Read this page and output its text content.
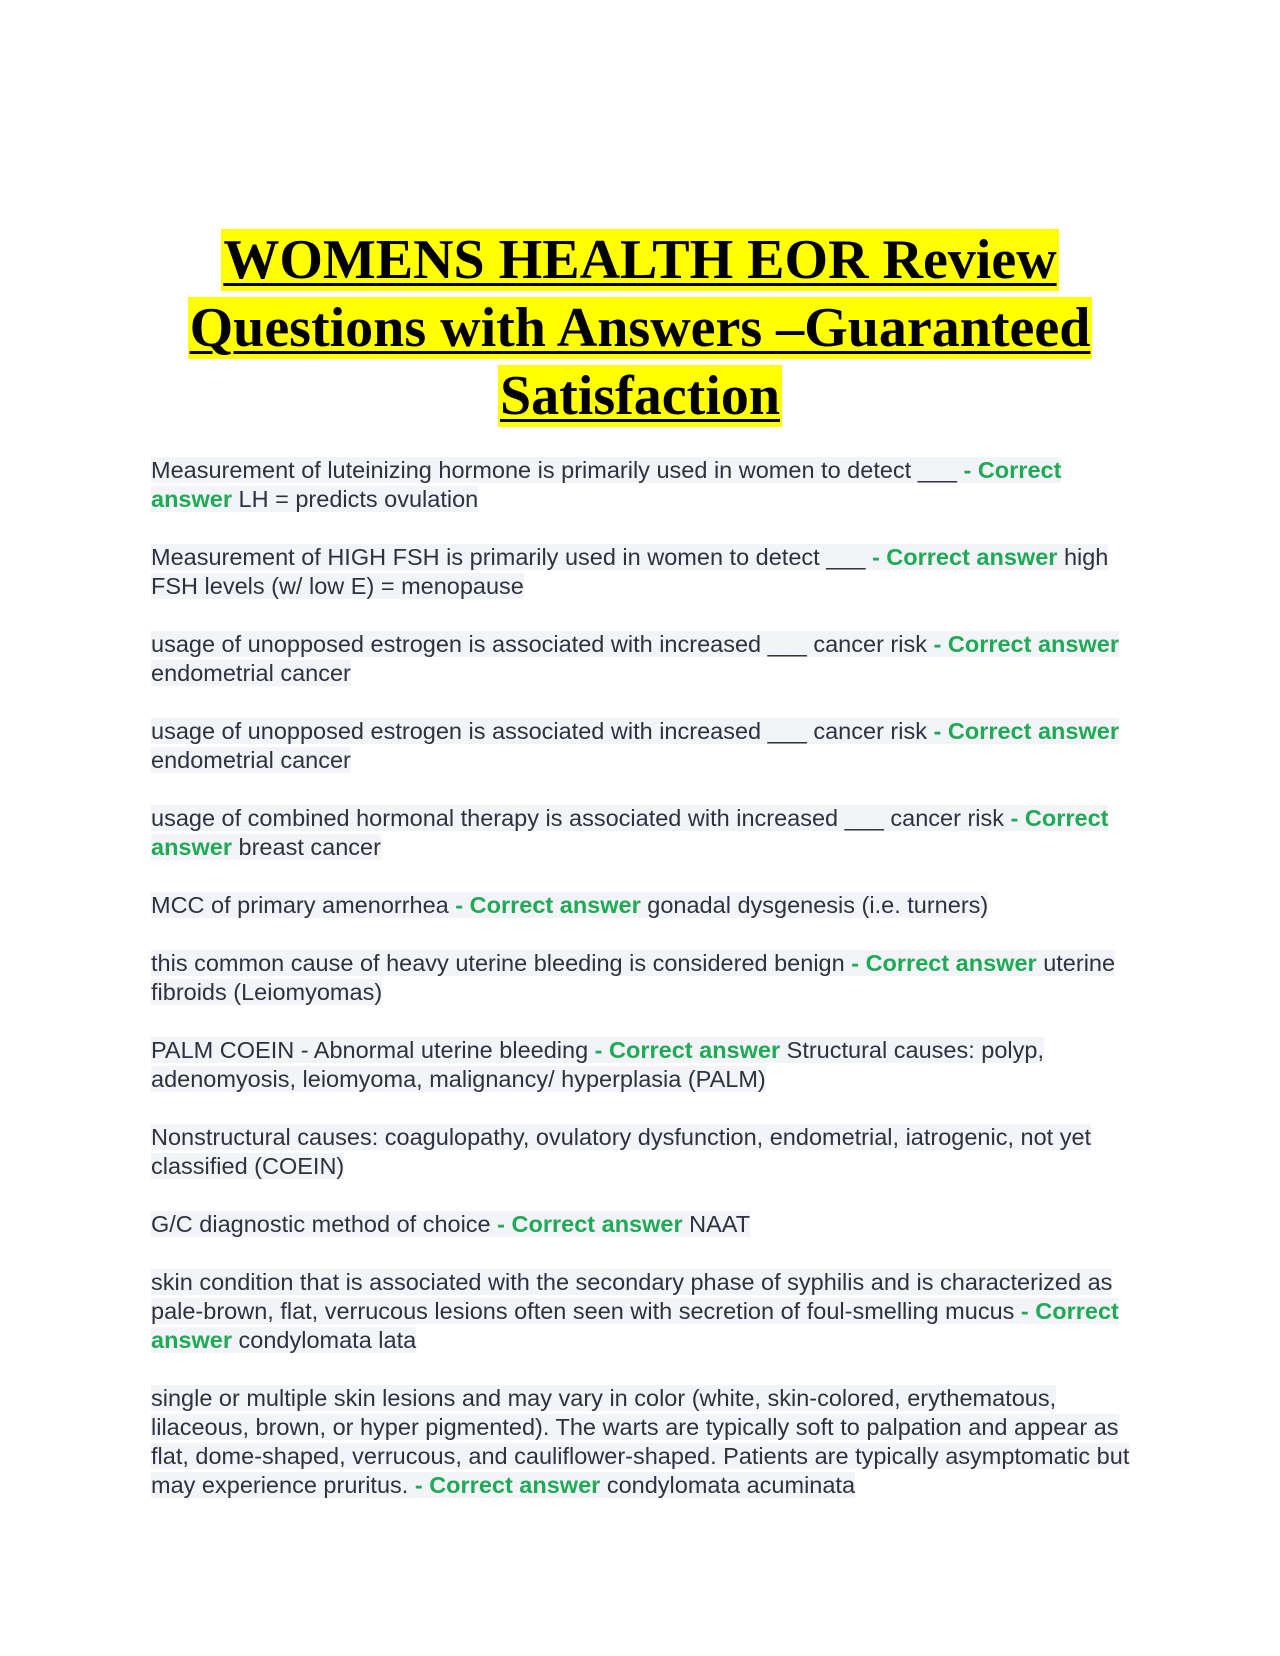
WOMENS HEALTH EOR Review
Questions with Answers –Guaranteed
Satisfaction

Measurement of luteinizing hormone is primarily used in women to detect ___ - Correct answer LH = predicts ovulation

Measurement of HIGH FSH is primarily used in women to detect ___ - Correct answer high FSH levels (w/ low E) = menopause

usage of unopposed estrogen is associated with increased ___ cancer risk - Correct answer endometrial cancer

usage of unopposed estrogen is associated with increased ___ cancer risk - Correct answer endometrial cancer

usage of combined hormonal therapy is associated with increased ___ cancer risk - Correct answer breast cancer

MCC of primary amenorrhea - Correct answer gonadal dysgenesis (i.e. turners)

this common cause of heavy uterine bleeding is considered benign - Correct answer uterine fibroids (Leiomyomas)

PALM COEIN - Abnormal uterine bleeding - Correct answer Structural causes: polyp, adenomyosis, leiomyoma, malignancy/ hyperplasia (PALM)

Nonstructural causes: coagulopathy, ovulatory dysfunction, endometrial, iatrogenic, not yet classified (COEIN)

G/C diagnostic method of choice - Correct answer NAAT

skin condition that is associated with the secondary phase of syphilis and is characterized as pale-brown, flat, verrucous lesions often seen with secretion of foul-smelling mucus - Correct answer condylomata lata

single or multiple skin lesions and may vary in color (white, skin-colored, erythematous, lilaceous, brown, or hyper pigmented). The warts are typically soft to palpation and appear as flat, dome-shaped, verrucous, and cauliflower-shaped. Patients are typically asymptomatic but may experience pruritus. - Correct answer condylomata acuminata
